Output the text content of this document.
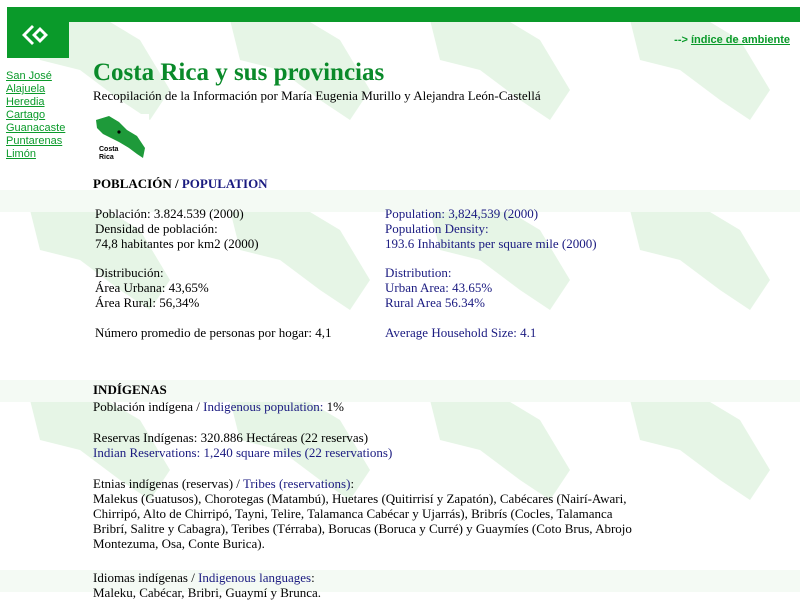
--> índice de ambiente
San José
Alajuela
Heredia
Cartago
Guanacaste
Puntarenas
Limón
Costa Rica y sus provincias
Recopilación de la Información por María Eugenia Murillo y Alejandra León-Castellá
Costa
Rica
POBLACIÓN / POPULATION
Población: 3.824.539 (2000)
Densidad de población:
74,8 habitantes por km2 (2000)
Population: 3,824,539 (2000)
Population Density:
193.6 Inhabitants per square mile (2000)
Distribución:
Área Urbana: 43,65%
Área Rural: 56,34%
Distribution:
Urban Area: 43.65%
Rural Area 56.34%
Número promedio de personas por hogar: 4,1	Average Household Size: 4.1
INDÍGENAS
Población indígena / Indigenous population: 1%
Reservas Indígenas: 320.886 Hectáreas (22 reservas)
Indian Reservations: 1,240 square miles (22 reservations)
Etnias indígenas (reservas) / Tribes (reservations):
Malekus (Guatusos), Chorotegas (Matambú), Huetares (Quitirrisí y Zapatón), Cabécares (Nairí-Awari,
Chirripó, Alto de Chirripó, Tayni, Telire, Talamanca Cabécar y Ujarrás), Bribrís (Cocles, Talamanca
Bribrí, Salitre y Cabagra), Teribes (Térraba), Borucas (Boruca y Curré) y Guaymíes (Coto Brus, Abrojo
Montezuma, Osa, Conte Burica).
Idiomas indígenas / Indigenous languages:
Maleku, Cabécar, Bribri, Guaymí y Brunca.
